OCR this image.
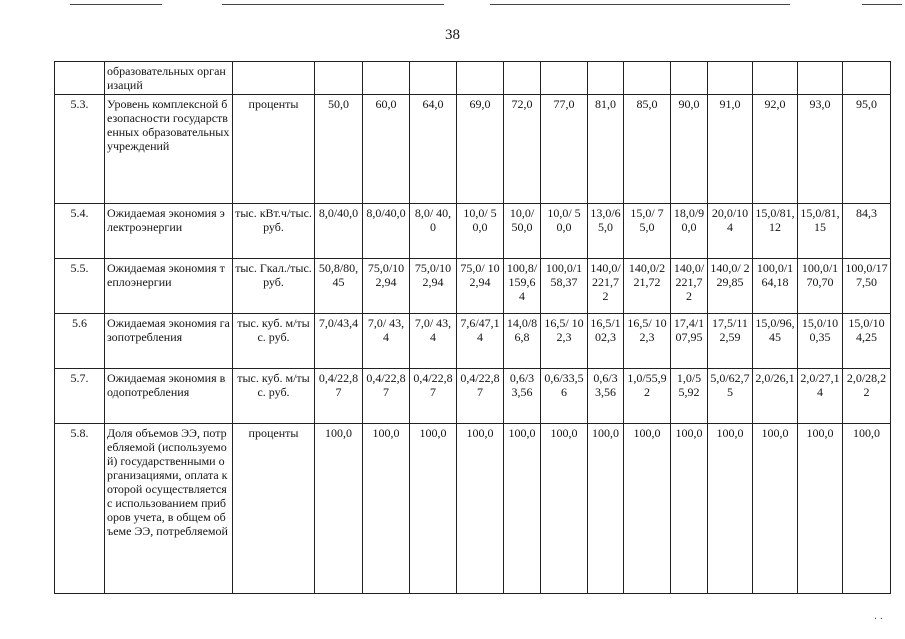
38
	образовательных организаций														
5.3.	Уровень комплексной безопасности государственных образовательных учреждений	проценты	50,0	60,0	64,0	69,0	72,0	77,0	81,0	85,0	90,0	91,0	92,0	93,0	95,0
5.4.	Ожидаемая экономия электроэнергии	тыс. кВт.ч/тыс. руб.	8,0/40,0	8,0/40,0	8,0/ 40,0	10,0/ 50,0	10,0/ 50,0	10,0/ 50,0	13,0/65,0	15,0/ 75,0	18,0/90,0	20,0/104	15,0/81,12	15,0/81,15	84,3
5.5.	Ожидаемая экономия теплоэнергии	тыс. Гкал./тыс. руб.	50,8/80,45	75,0/102,94	75,0/102,94	75,0/ 102,94	100,8/ 159,64	100,0/158,37	140,0/221,72	140,0/221,72	140,0/221,72	140,0/ 229,85	100,0/164,18	100,0/170,70	100,0/177,50
5.6	Ожидаемая экономия газопотребления	тыс. куб. м/тыс. руб.	7,0/43,4	7,0/ 43,4	7,0/ 43,4	7,6/47,14	14,0/86,8	16,5/ 102,3	16,5/102,3	16,5/ 102,3	17,4/107,95	17,5/112,59	15,0/96,45	15,0/100,35	15,0/104,25
5.7.	Ожидаемая экономия водопотребления	тыс. куб. м/тыс. руб.	0,4/22,87	0,4/22,87	0,4/22,87	0,4/22,87	0,6/33,56	0,6/33,56	0,6/33,56	1,0/55,92	1,0/55,92	5,0/62,75	2,0/26,1	2,0/27,14	2,0/28,22
5.8.	Доля объемов ЭЭ, потребляемой (используемой) государственными организациями, оплата которой осуществляется с использованием приборов учета, в общем объеме ЭЭ, потребляемой	проценты	100,0	100,0	100,0	100,0	100,0	100,0	100,0	100,0	100,0	100,0	100,0	100,0	100,0
· ·
